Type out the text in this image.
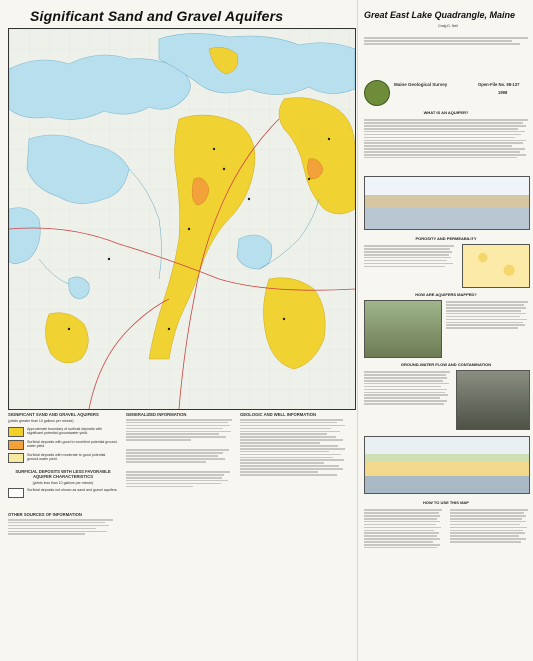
Significant Sand and Gravel Aquifers
SIGNIFICANT SAND AND GRAVEL AQUIFERS
(yields greater than 10 gallons per minute)
Approximate boundary of surficial deposits with significant potential groundwater yield.
Surficial deposits with good to excellent potential ground-water yield.
Surficial deposits with moderate to good potential ground-water yield.
SURFICIAL DEPOSITS WITH LESS FAVORABLE AQUIFER CHARACTERISTICS
(yields less than 10 gallons per minute)
Surficial deposits not shown as sand and gravel aquifers.
OTHER SOURCES OF INFORMATION
GENERALIZED INFORMATION	GEOLOGIC AND WELL INFORMATION
Great East Lake Quadrangle, Maine
Craig D. Neil
Maine Geological Survey	Open-File No. 98-137
1998
WHAT IS AN AQUIFER?
POROSITY AND PERMEABILITY
HOW ARE AQUIFERS MAPPED?
GROUND-WATER FLOW AND CONTAMINATION
HOW TO USE THIS MAP
